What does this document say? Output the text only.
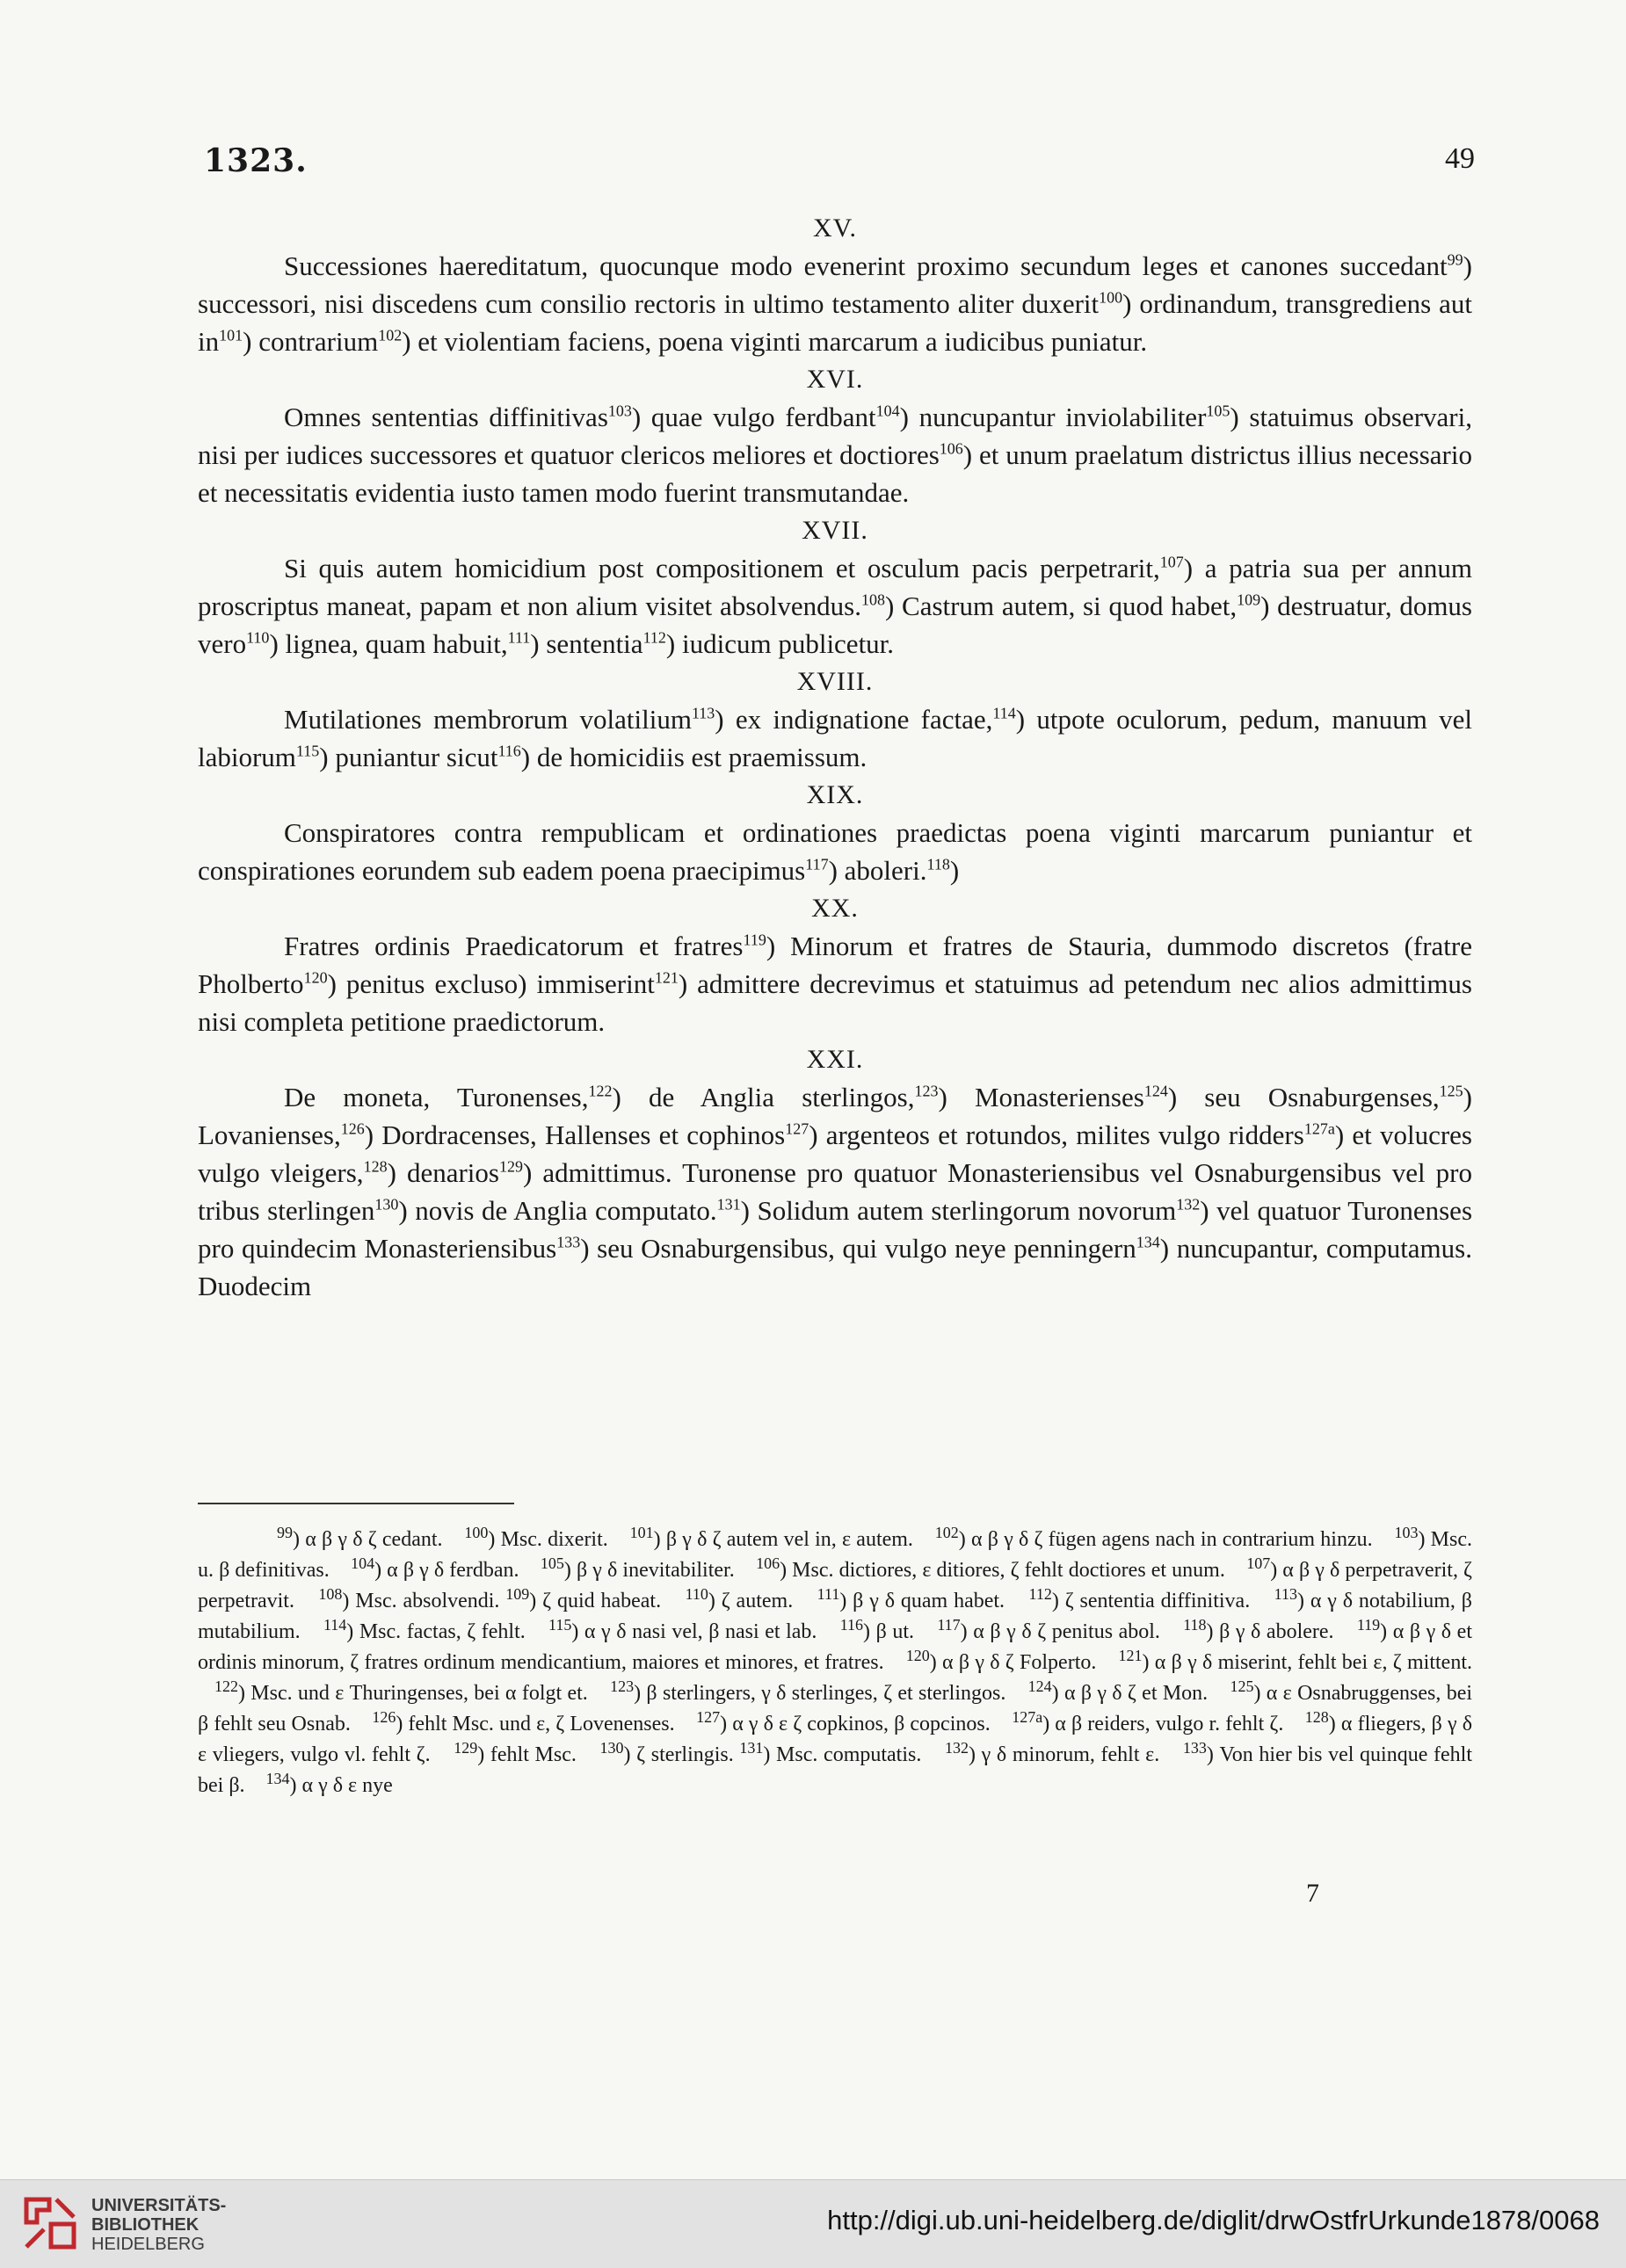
1323.	49

XV.

Successiones haereditatum, quocunque modo evenerint proximo secundum leges et canones succedant$^{99}$) successori, nisi discedens cum consilio rectoris in ultimo testamento aliter duxerit$^{100}$) ordinandum, transgrediens aut $in^{101}$) contrarium$^{102}$) et violentiam faciens, poena viginti marcarum a iudicibus puniatur.

XVI.

Omnes sententias diffinitivas$^{103}$) quae vulgo ferdbant$^{104}$) nuncupantur inviolabiliter$^{105}$) statuimus observari, nisi per iudices successores et quatuor clericos meliores et doctiores$^{106}$) et unum praelatum districtus illius necessario et necessitatis evidentia iusto tamen modo fuerint transmutandae.

XVII.

Si quis autem homicidium post compositionem et osculum pacis perpetrarit,$^{107}$) a patria sua per annum proscriptus maneat, papam et non alium visitet absolvendus.$^{108}$) Castrum autem, si quod habet,$^{109}$) destruatur, domus vero$^{110}$) lignea, quam habuit,$^{111}$) sententia$^{112}$) iudicum publicetur.

XVIII.

Mutilationes membrorum volatilium$^{113}$) ex indignatione factae,$^{114}$) utpote oculorum, pedum, manuum vel labiorum$^{115}$) puniantur sicut$^{116}$) de homicidiis est praemissum.

XIX.

Conspiratores contra rempublicam et ordinationes praedictas poena viginti marcarum puniantur et conspirationes eorundem sub eadem poena praecipimus$^{117}$) aboleri.$^{118}$)

XX.

Fratres ordinis Praedicatorum et fratres$^{119}$) Minorum et fratres de Stauria, dummodo discretos (fratre Pholberto$^{120}$) penitus excluso) immiserint$^{121}$) admittere decrevimus et statuimus ad petendum nec alios admittimus nisi completa petitione praedictorum.

XXI.

De moneta, Turonenses,$^{122}$) de Anglia sterlingos,$^{123}$) Monasterienses$^{124}$) seu Osnaburgenses,$^{125}$) Lovanienses,$^{126}$) Dordracenses, Hallenses et cophinos$^{127}$) argenteos et rotundos, milites vulgo ridders$^{127a}$) et volucres vulgo vleigers,$^{128}$) denarios$^{129}$) admittimus. Turonense pro quatuor Monasteriensibus vel Osnaburgensibus vel pro tribus sterlingen$^{130}$) novis de Anglia computato.$^{131}$) Solidum autem sterlingorum novorum$^{132}$) vel quatuor Turonenses pro quindecim Monasteriensibus$^{133}$) seu Osnaburgensibus, qui vulgo neye penningern$^{134}$) nuncupantur, computamus. Duodecim

$^{99}$) α β γ δ ζ cedant.    $^{100}$) Msc. dixerit.    $^{101}$) β γ δ ζ autem vel in, ε autem.    $^{102}$) α β γ δ ζ fügen agens nach in contrarium hinzu.    $^{103}$) Msc. u. β definitivas.    $^{104}$) α β γ δ ferdban.    $^{105}$) β γ δ inevitabiliter.    $^{106}$) Msc. dictiores, ε ditiores, ζ fehlt doctiores et unum.    $^{107}$) α β γ δ perpetraverit, ζ perpetravit.    $^{108}$) Msc. absolvendi. $^{109}$) ζ quid habeat.    $^{110}$) ζ autem.    $^{111}$) β γ δ quam habet.    $^{112}$) ζ sententia diffinitiva.    $^{113}$) α γ δ notabilium, β mutabilium.    $^{114}$) Msc. factas, ζ fehlt.    $^{115}$) α γ δ nasi vel, β nasi et lab.    $^{116}$) β ut.    $^{117}$) α β γ δ ζ penitus abol.    $^{118}$) β γ δ abolere.    $^{119}$) α β γ δ et ordinis minorum, ζ fratres ordinum mendicantium, maiores et minores, et fratres.    $^{120}$) α β γ δ ζ Folperto.    $^{121}$) α β γ δ miserint, fehlt bei ε, ζ mittent.    $^{122}$) Msc. und ε Thuringenses, bei α folgt et.    $^{123}$) β sterlingers, γ δ sterlinges, ζ et sterlingos.    $^{124}$) α β γ δ ζ et Mon.    $^{125}$) α ε Osnabruggenses, bei β fehlt seu Osnab.    $^{126}$) fehlt Msc. und ε, ζ Lovenenses.    $^{127}$) α γ δ ε ζ copkinos, β copcinos.    $^{127a}$) α β reiders, vulgo r. fehlt ζ.    $^{128}$) α fliegers, β γ δ ε vliegers, vulgo vl. fehlt ζ.    $^{129}$) fehlt Msc.    $^{130}$) ζ sterlingis. $^{131}$) Msc. computatis.    $^{132}$) γ δ minorum, fehlt ε.    $^{133}$) Von hier bis vel quinque fehlt bei β.    $^{134}$) α γ δ ε nye

7
UNIVERSITÄTS-
BIBLIOTHEK
HEIDELBERG
http://digi.ub.uni-heidelberg.de/diglit/drwOstfrUrkunde1878/0068
